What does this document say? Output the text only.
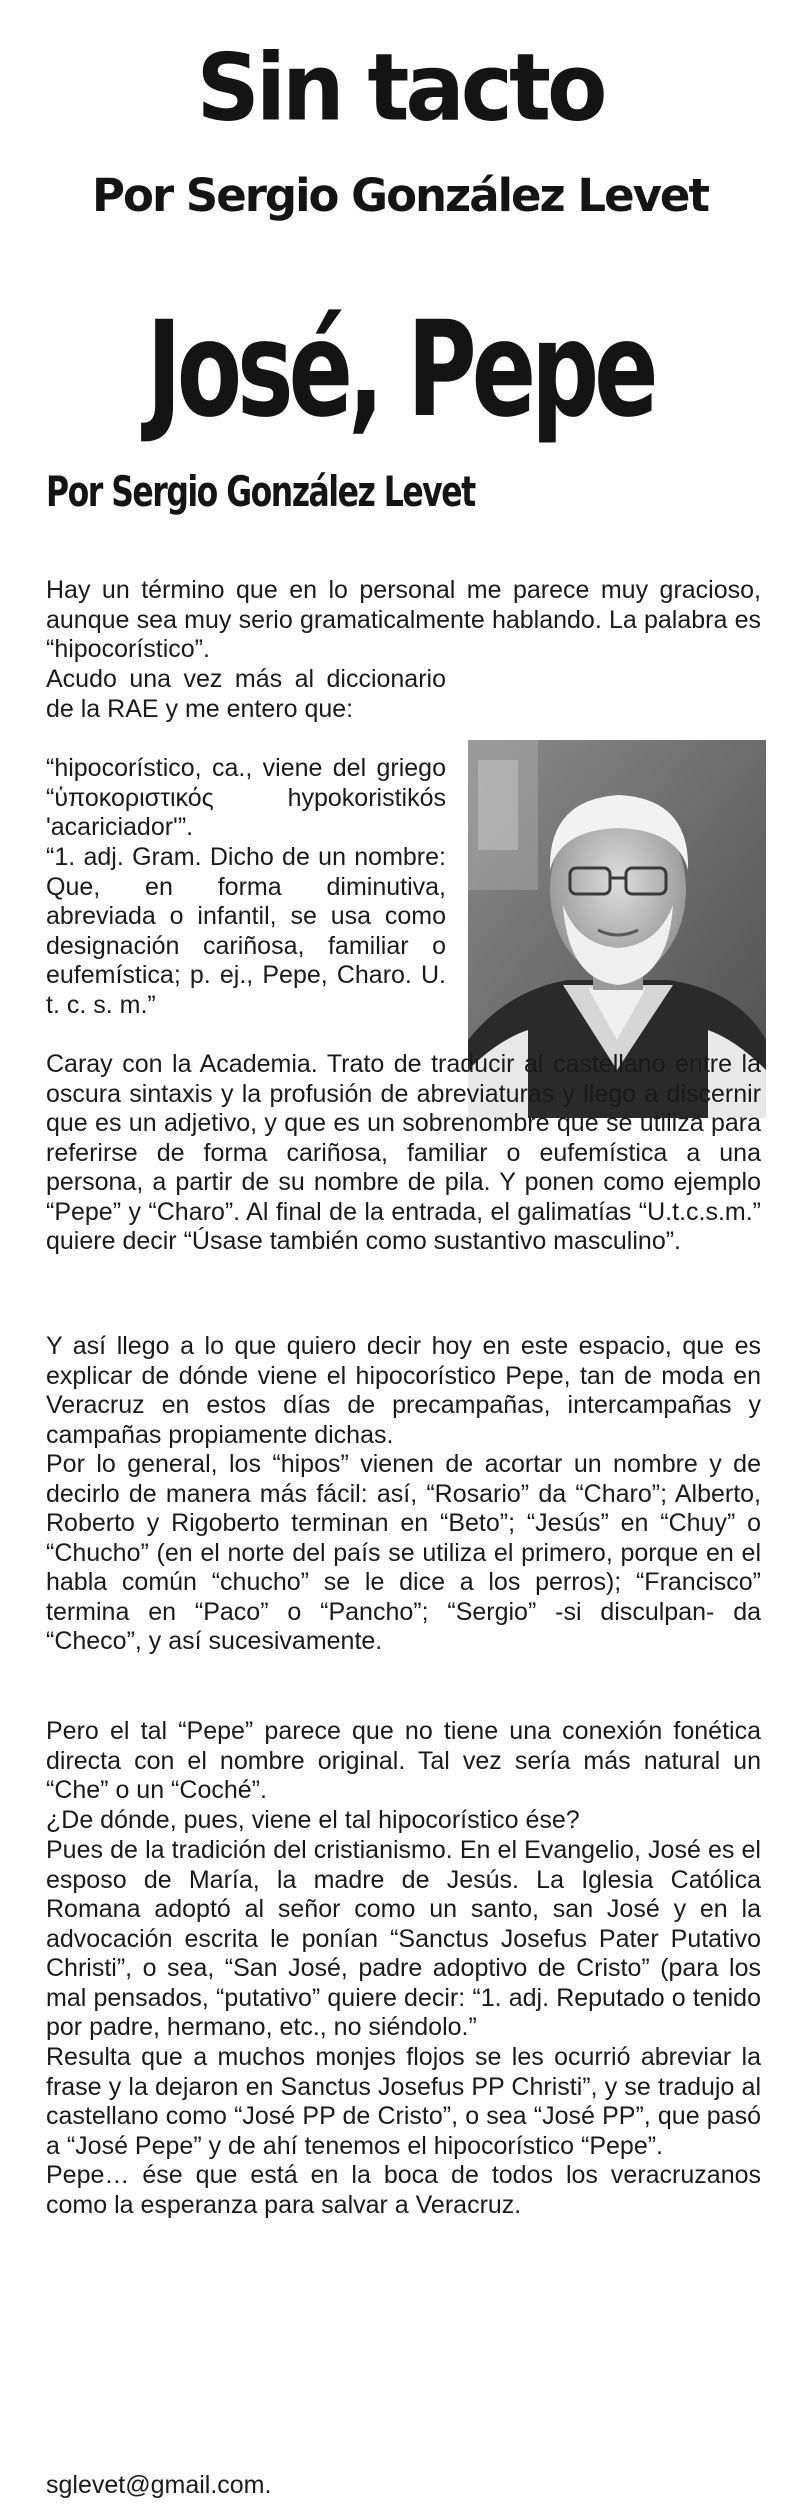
Sin tacto
Por Sergio González Levet
José, Pepe
Por Sergio González Levet

Hay un término que en lo personal me parece muy gracioso, aunque sea muy serio gramaticalmente hablando. La palabra es “hipocorístico”.

Acudo una vez más al diccionario de la RAE y me entero que:

“hipocorístico, ca., viene del griego “ὑποκοριστικός hypokoristikós 'acariciador'”.

“1. adj. Gram. Dicho de un nombre: Que, en forma diminutiva, abreviada o infantil, se usa como designación cariñosa, familiar o eufemística; p. ej., Pepe, Charo. U. t. c. s. m.”

Caray con la Academia. Trato de traducir al castellano entre la oscura sintaxis y la profusión de abreviaturas y llego a discernir que es un adjetivo, y que es un sobrenombre que se utiliza para referirse de forma cariñosa, familiar o eufemística a una persona, a partir de su nombre de pila. Y ponen como ejemplo “Pepe” y “Charo”. Al final de la entrada, el galimatías “U.t.c.s.m.” quiere decir “Úsase también como sustantivo masculino”.

Y así llego a lo que quiero decir hoy en este espacio, que es explicar de dónde viene el hipocorístico Pepe, tan de moda en Veracruz en estos días de precampañas, intercampañas y campañas propiamente dichas.

Por lo general, los “hipos” vienen de acortar un nombre y de decirlo de manera más fácil: así, “Rosario” da “Charo”; Alberto, Roberto y Rigoberto terminan en “Beto”; “Jesús” en “Chuy” o “Chucho” (en el norte del país se utiliza el primero, porque en el habla común “chucho” se le dice a los perros); “Francisco” termina en “Paco” o “Pancho”; “Sergio” -si disculpan- da “Checo”, y así sucesivamente.

Pero el tal “Pepe” parece que no tiene una conexión fonética directa con el nombre original. Tal vez sería más natural un “Che” o un “Coché”.

¿De dónde, pues, viene el tal hipocorístico ése?

Pues de la tradición del cristianismo. En el Evangelio, José es el esposo de María, la madre de Jesús. La Iglesia Católica Romana adoptó al señor como un santo, san José y en la advocación escrita le ponían “Sanctus Josefus Pater Putativo Christi”, o sea, “San José, padre adoptivo de Cristo” (para los mal pensados, “putativo” quiere decir: “1. adj. Reputado o tenido por padre, hermano, etc., no siéndolo.”

Resulta que a muchos monjes flojos se les ocurrió abreviar la frase y la dejaron en Sanctus Josefus PP Christi”, y se tradujo al castellano como “José PP de Cristo”, o sea “José PP”, que pasó a “José Pepe” y de ahí tenemos el hipocorístico “Pepe”.

Pepe… ése que está en la boca de todos los veracruzanos como la esperanza para salvar a Veracruz.

sglevet@gmail.com.
